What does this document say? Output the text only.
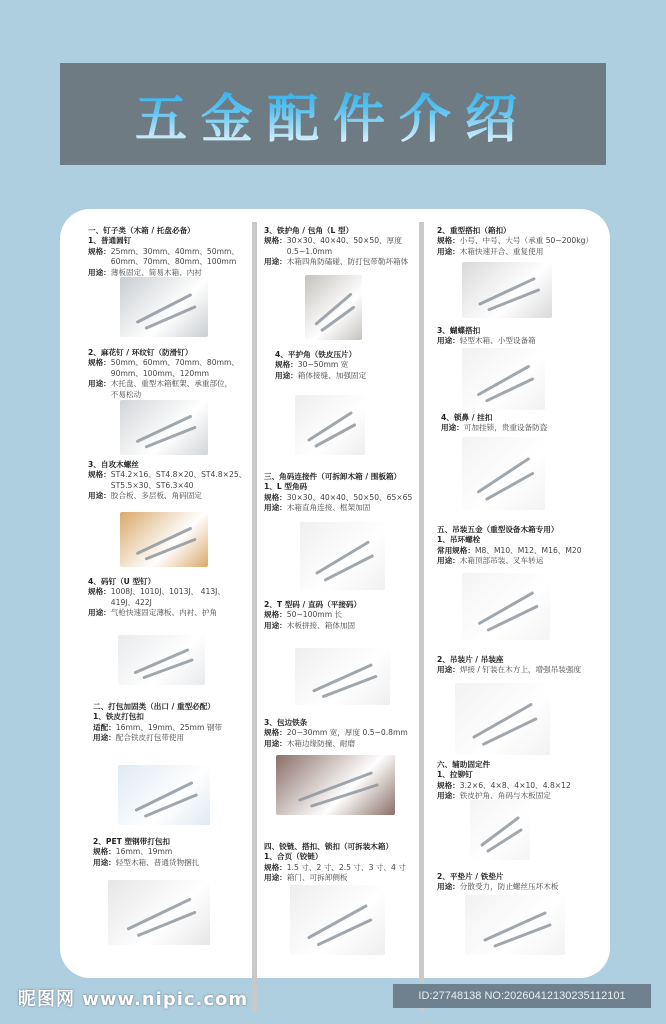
五金配件介绍
一、钉子类（木箱 / 托盘必备）
1、普通圆钉
规格： 25mm、30mm、40mm、50mm、
60mm、70mm、80mm、100mm
用途： 薄板固定、简易木箱、内衬
2、麻花钉 / 环纹钉（防滑钉）
规格： 50mm、60mm、70mm、80mm、
90mm、100mm、120mm
用途： 木托盘、重型木箱框架、承重部位，
不易松动
3、自攻木螺丝
规格： ST4.2×16、ST4.8×20、ST4.8×25、
ST5.5×30、ST6.3×40
用途： 胶合板、多层板、角码固定
4、码钉（U 型钉）
规格： 1008J、1010J、1013J、 413J、
419J、422J
用途： 气枪快速固定薄板、内衬、护角
二、打包加固类（出口 / 重型必配）
1、铁皮打包扣
适配： 16mm、19mm、25mm 钢带
用途： 配合铁皮打包带使用
2、PET 塑钢带打包扣
规格： 16mm、19mm
用途： 轻型木箱、普通货物捆扎
3、铁护角 / 包角（L 型）
规格： 30×30、40×40、50×50、厚度
0.5~1.0mm
用途： 木箱四角防磕碰、防打包带勒坏箱体
4、平护角（铁皮压片）
规格： 30~50mm 宽
用途： 箱体接缝、加强固定
三、角码连接件（可拆卸木箱 / 围板箱）
1、L 型角码
规格： 30×30、40×40、50×50、65×65
用途： 木箱直角连接、框架加固
2、T 型码 / 直码（平接码）
规格： 50~100mm 长
用途： 木板拼接、箱体加固
3、包边铁条
规格： 20~30mm 宽，厚度 0.5~0.8mm
用途： 木箱边缘防撞、耐磨
四、铰链、搭扣、锁扣（可拆装木箱）
1、合页（铰链）
规格： 1.5 寸、2 寸、2.5 寸、3 寸、4 寸
用途： 箱门、可拆卸侧板
2、重型搭扣（箱扣）
规格： 小号、中号、大号（承重 50~200kg）
用途： 木箱快速开合、重复使用
3、蝴蝶搭扣
用途： 轻型木箱、小型设备箱
4、锁鼻 / 挂扣
用途： 可加挂锁，贵重设备防盗
五、吊装五金（重型设备木箱专用）
1、吊环螺栓
常用规格： M8、M10、M12、M16、M20
用途： 木箱顶部吊装、叉车转运
2、吊装片 / 吊装座
用途： 焊接 / 钉装在木方上，增强吊装强度
六、辅助固定件
1、拉铆钉
规格： 3.2×6、4×8、4×10、4.8×12
用途： 铁皮护角、角码与木板固定
2、平垫片 / 铁垫片
用途： 分散受力，防止螺丝压坏木板
昵图网 www.nipic.com	ID:27748138 NO:20260412130235112101
